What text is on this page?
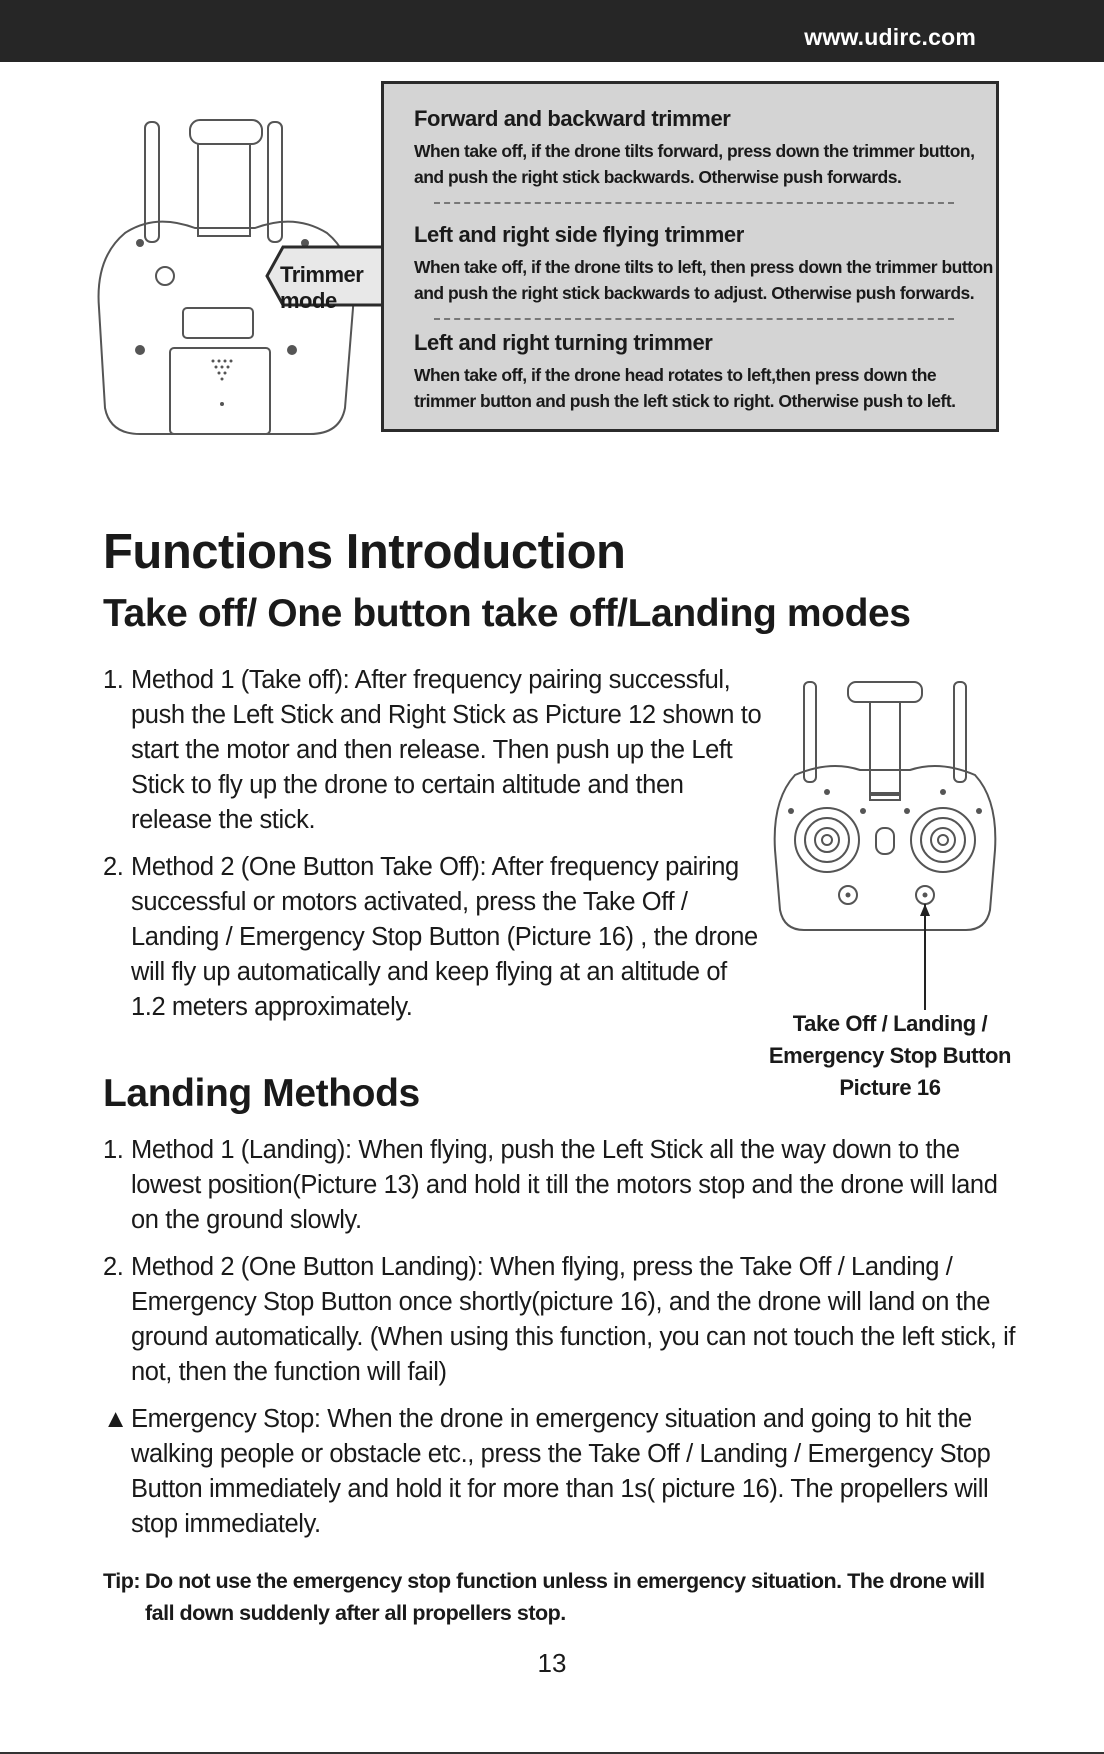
www.udirc.com
Trimmer mode
Forward and backward trimmer

When take off, if the drone tilts forward, press down the trimmer button, and push the right stick backwards. Otherwise push forwards.

Left and right side flying trimmer

When take off, if the drone tilts to left, then press down the trimmer button and push the right stick backwards to adjust. Otherwise push forwards.

Left and right turning trimmer

When take off, if the drone head rotates to left,then press down the trimmer button and push the left stick to right. Otherwise push to left.

Functions Introduction
Take off/ One button take off/Landing modes
1. Method 1 (Take off): After frequency pairing successful, push the Left Stick and Right Stick as Picture 12 shown to start the motor and then release. Then push up the Left Stick to fly up the drone to certain altitude and then release the stick.
2. Method 2 (One Button Take Off): After frequency pairing successful or motors activated, press the Take Off / Landing / Emergency Stop Button (Picture 16) , the drone will fly up automatically and keep flying at an altitude of 1.2 meters approximately.
Take Off / Landing /
Emergency Stop Button
Picture 16
Landing Methods
1. Method 1 (Landing): When flying, push the Left Stick all the way down to the lowest position(Picture 13) and hold it till the motors stop and the drone will land on the ground slowly.
2. Method 2 (One Button Landing): When flying, press the Take Off / Landing / Emergency Stop Button once shortly(picture 16), and the drone will land on the ground automatically. (When using this function, you can not touch the left stick, if not, then the function will fail)
▲ Emergency Stop: When the drone in emergency situation and going to hit the walking people or obstacle etc., press the Take Off / Landing / Emergency Stop Button immediately and hold it for more than 1s( picture 16). The propellers will stop immediately.
Tip: Do not use the emergency stop function unless in emergency situation. The drone will fall down suddenly after all propellers stop.
13
